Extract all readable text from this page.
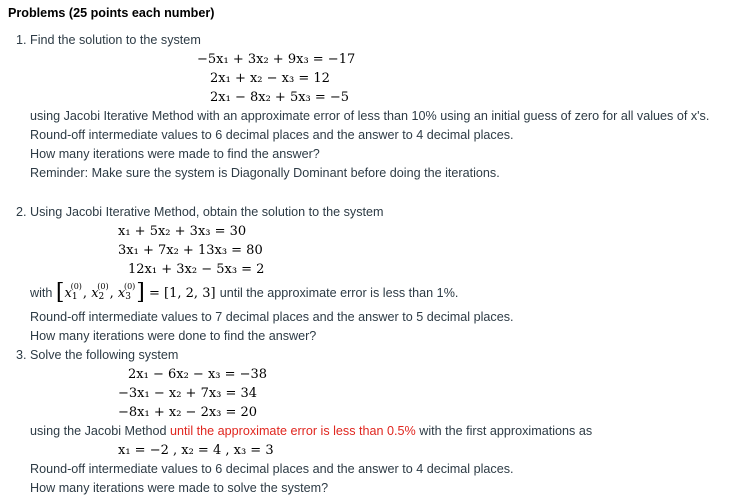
Problems (25 points each number)
1. Find the solution to the system
−5x₁ + 3x₂ + 9x₃ = −17
2x₁ + x₂ − x₃ = 12
2x₁ − 8x₂ + 5x₃ = −5
using Jacobi Iterative Method with an approximate error of less than 10% using an initial guess of zero for all values of x's.
Round-off intermediate values to 6 decimal places and the answer to 4 decimal places.
How many iterations were made to find the answer?
Reminder: Make sure the system is Diagonally Dominant before doing the iterations.
2. Using Jacobi Iterative Method, obtain the solution to the system
x₁ + 5x₂ + 3x₃ = 30
3x₁ + 7x₂ + 13x₃ = 80
12x₁ + 3x₂ − 5x₃ = 2
with [$x_1^{(0)}$, $x_2^{(0)}$, $x_3^{(0)}] = [1$, 2, 3] until the approximate error is less than 1%.
Round-off intermediate values to 7 decimal places and the answer to 5 decimal places.
How many iterations were done to find the answer?
3. Solve the following system
2x₁ − 6x₂ − x₃ = −38
−3x₁ − x₂ + 7x₃ = 34
−8x₁ + x₂ − 2x₃ = 20
using the Jacobi Method until the approximate error is less than 0.5% with the first approximations as
x₁ = −2 , x₂ = 4 , x₃ = 3
Round-off intermediate values to 6 decimal places and the answer to 4 decimal places.
How many iterations were made to solve the system?
